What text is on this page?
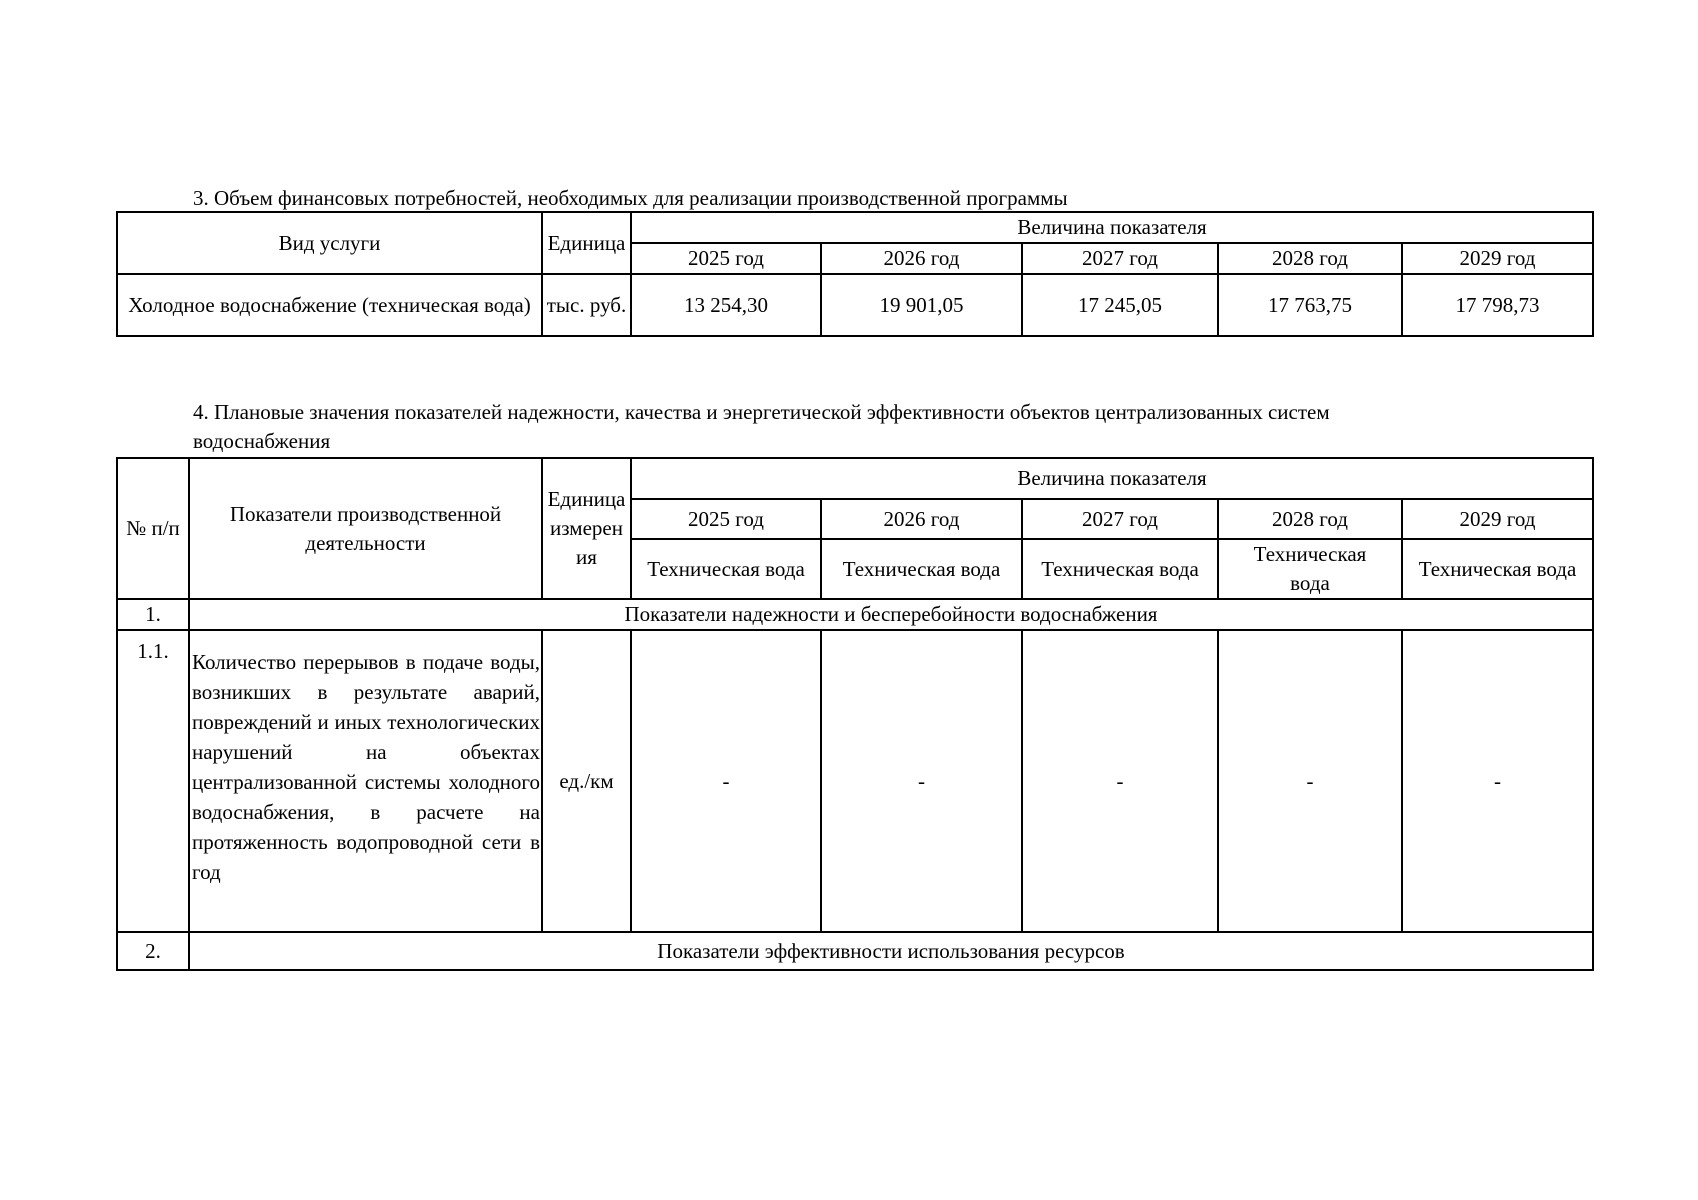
3. Объем финансовых потребностей, необходимых для реализации производственной программы
Вид услуги	Единица	Величина показателя				
		2025 год	2026 год	2027 год	2028 год	2029 год
Холодное водоснабжение (техническая вода)	тыс. руб.	13 254,30	19 901,05	17 245,05	17 763,75	17 798,73
4. Плановые значения показателей надежности, качества и энергетической эффективности объектов централизованных систем
водоснабжения
№ п/п	Показатели производственной деятельности	Единица измерения	Величина показателя				
			2025 год	2026 год	2027 год	2028 год	2029 год
			Техническая вода	Техническая вода	Техническая вода	Техническая вода	Техническая вода
1.	Показатели надежности и бесперебойности водоснабжения						
1.1.	Количество перерывов в подаче воды, возникших в результате аварий, повреждений и иных технологических нарушений на объектах централизованной системы холодного водоснабжения, в расчете на протяженность водопроводной сети в год	ед./км	-	-	-	-	-
2.	Показатели эффективности использования ресурсов						
